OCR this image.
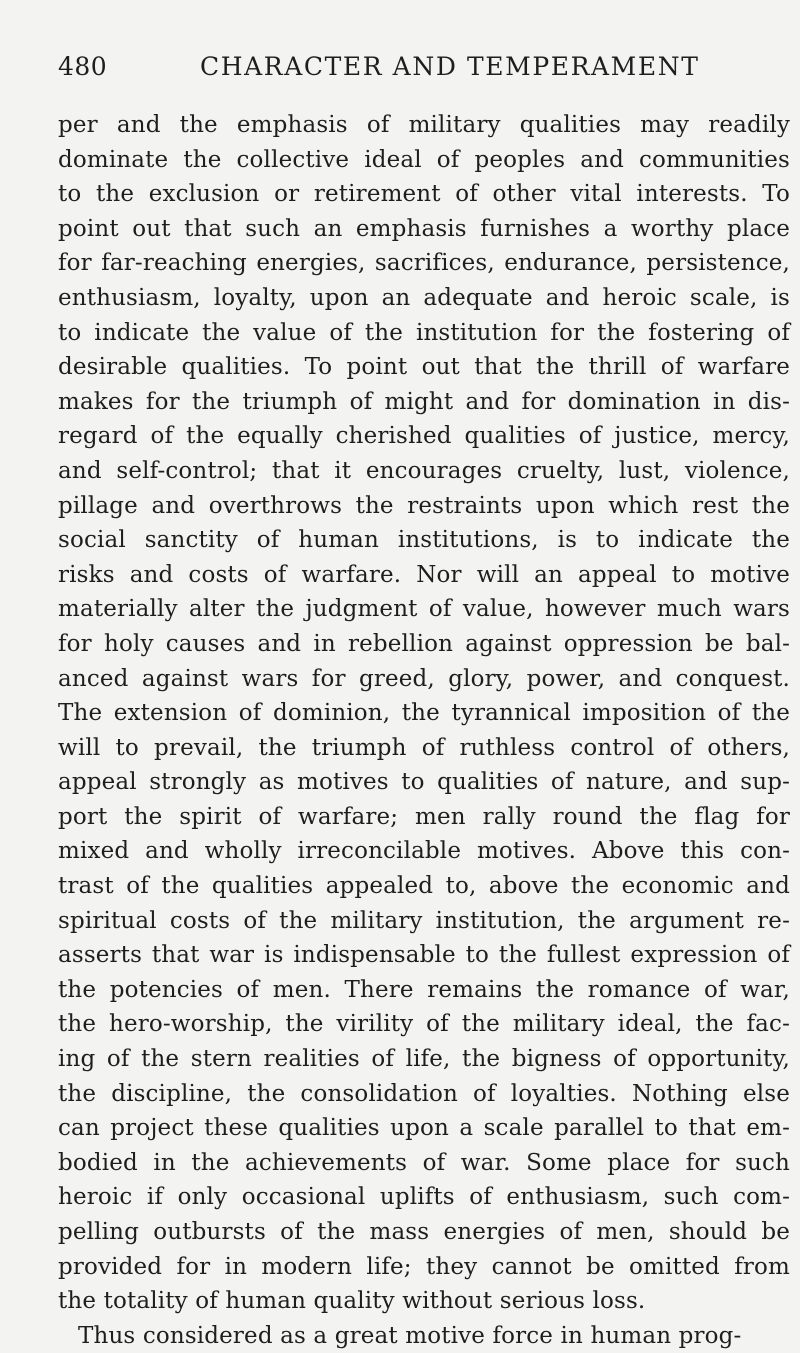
480	CHARACTER AND TEMPERAMENT
per and the emphasis of military qualities may readily
dominate the collective ideal of peoples and communities
to the exclusion or retirement of other vital interests. To
point out that such an emphasis furnishes a worthy place
for far-reaching energies, sacrifices, endurance, persistence,
enthusiasm, loyalty, upon an adequate and heroic scale, is
to indicate the value of the institution for the fostering of
desirable qualities. To point out that the thrill of warfare
makes for the triumph of might and for domination in dis-
regard of the equally cherished qualities of justice, mercy,
and self-control; that it encourages cruelty, lust, violence,
pillage and overthrows the restraints upon which rest the
social sanctity of human institutions, is to indicate the
risks and costs of warfare. Nor will an appeal to motive
materially alter the judgment of value, however much wars
for holy causes and in rebellion against oppression be bal-
anced against wars for greed, glory, power, and conquest.
The extension of dominion, the tyrannical imposition of the
will to prevail, the triumph of ruthless control of others,
appeal strongly as motives to qualities of nature, and sup-
port the spirit of warfare; men rally round the flag for
mixed and wholly irreconcilable motives. Above this con-
trast of the qualities appealed to, above the economic and
spiritual costs of the military institution, the argument re-
asserts that war is indispensable to the fullest expression of
the potencies of men. There remains the romance of war,
the hero-worship, the virility of the military ideal, the fac-
ing of the stern realities of life, the bigness of opportunity,
the discipline, the consolidation of loyalties. Nothing else
can project these qualities upon a scale parallel to that em-
bodied in the achievements of war. Some place for such
heroic if only occasional uplifts of enthusiasm, such com-
pelling outbursts of the mass energies of men, should be
provided for in modern life; they cannot be omitted from
the totality of human quality without serious loss.
Thus considered as a great motive force in human prog-
